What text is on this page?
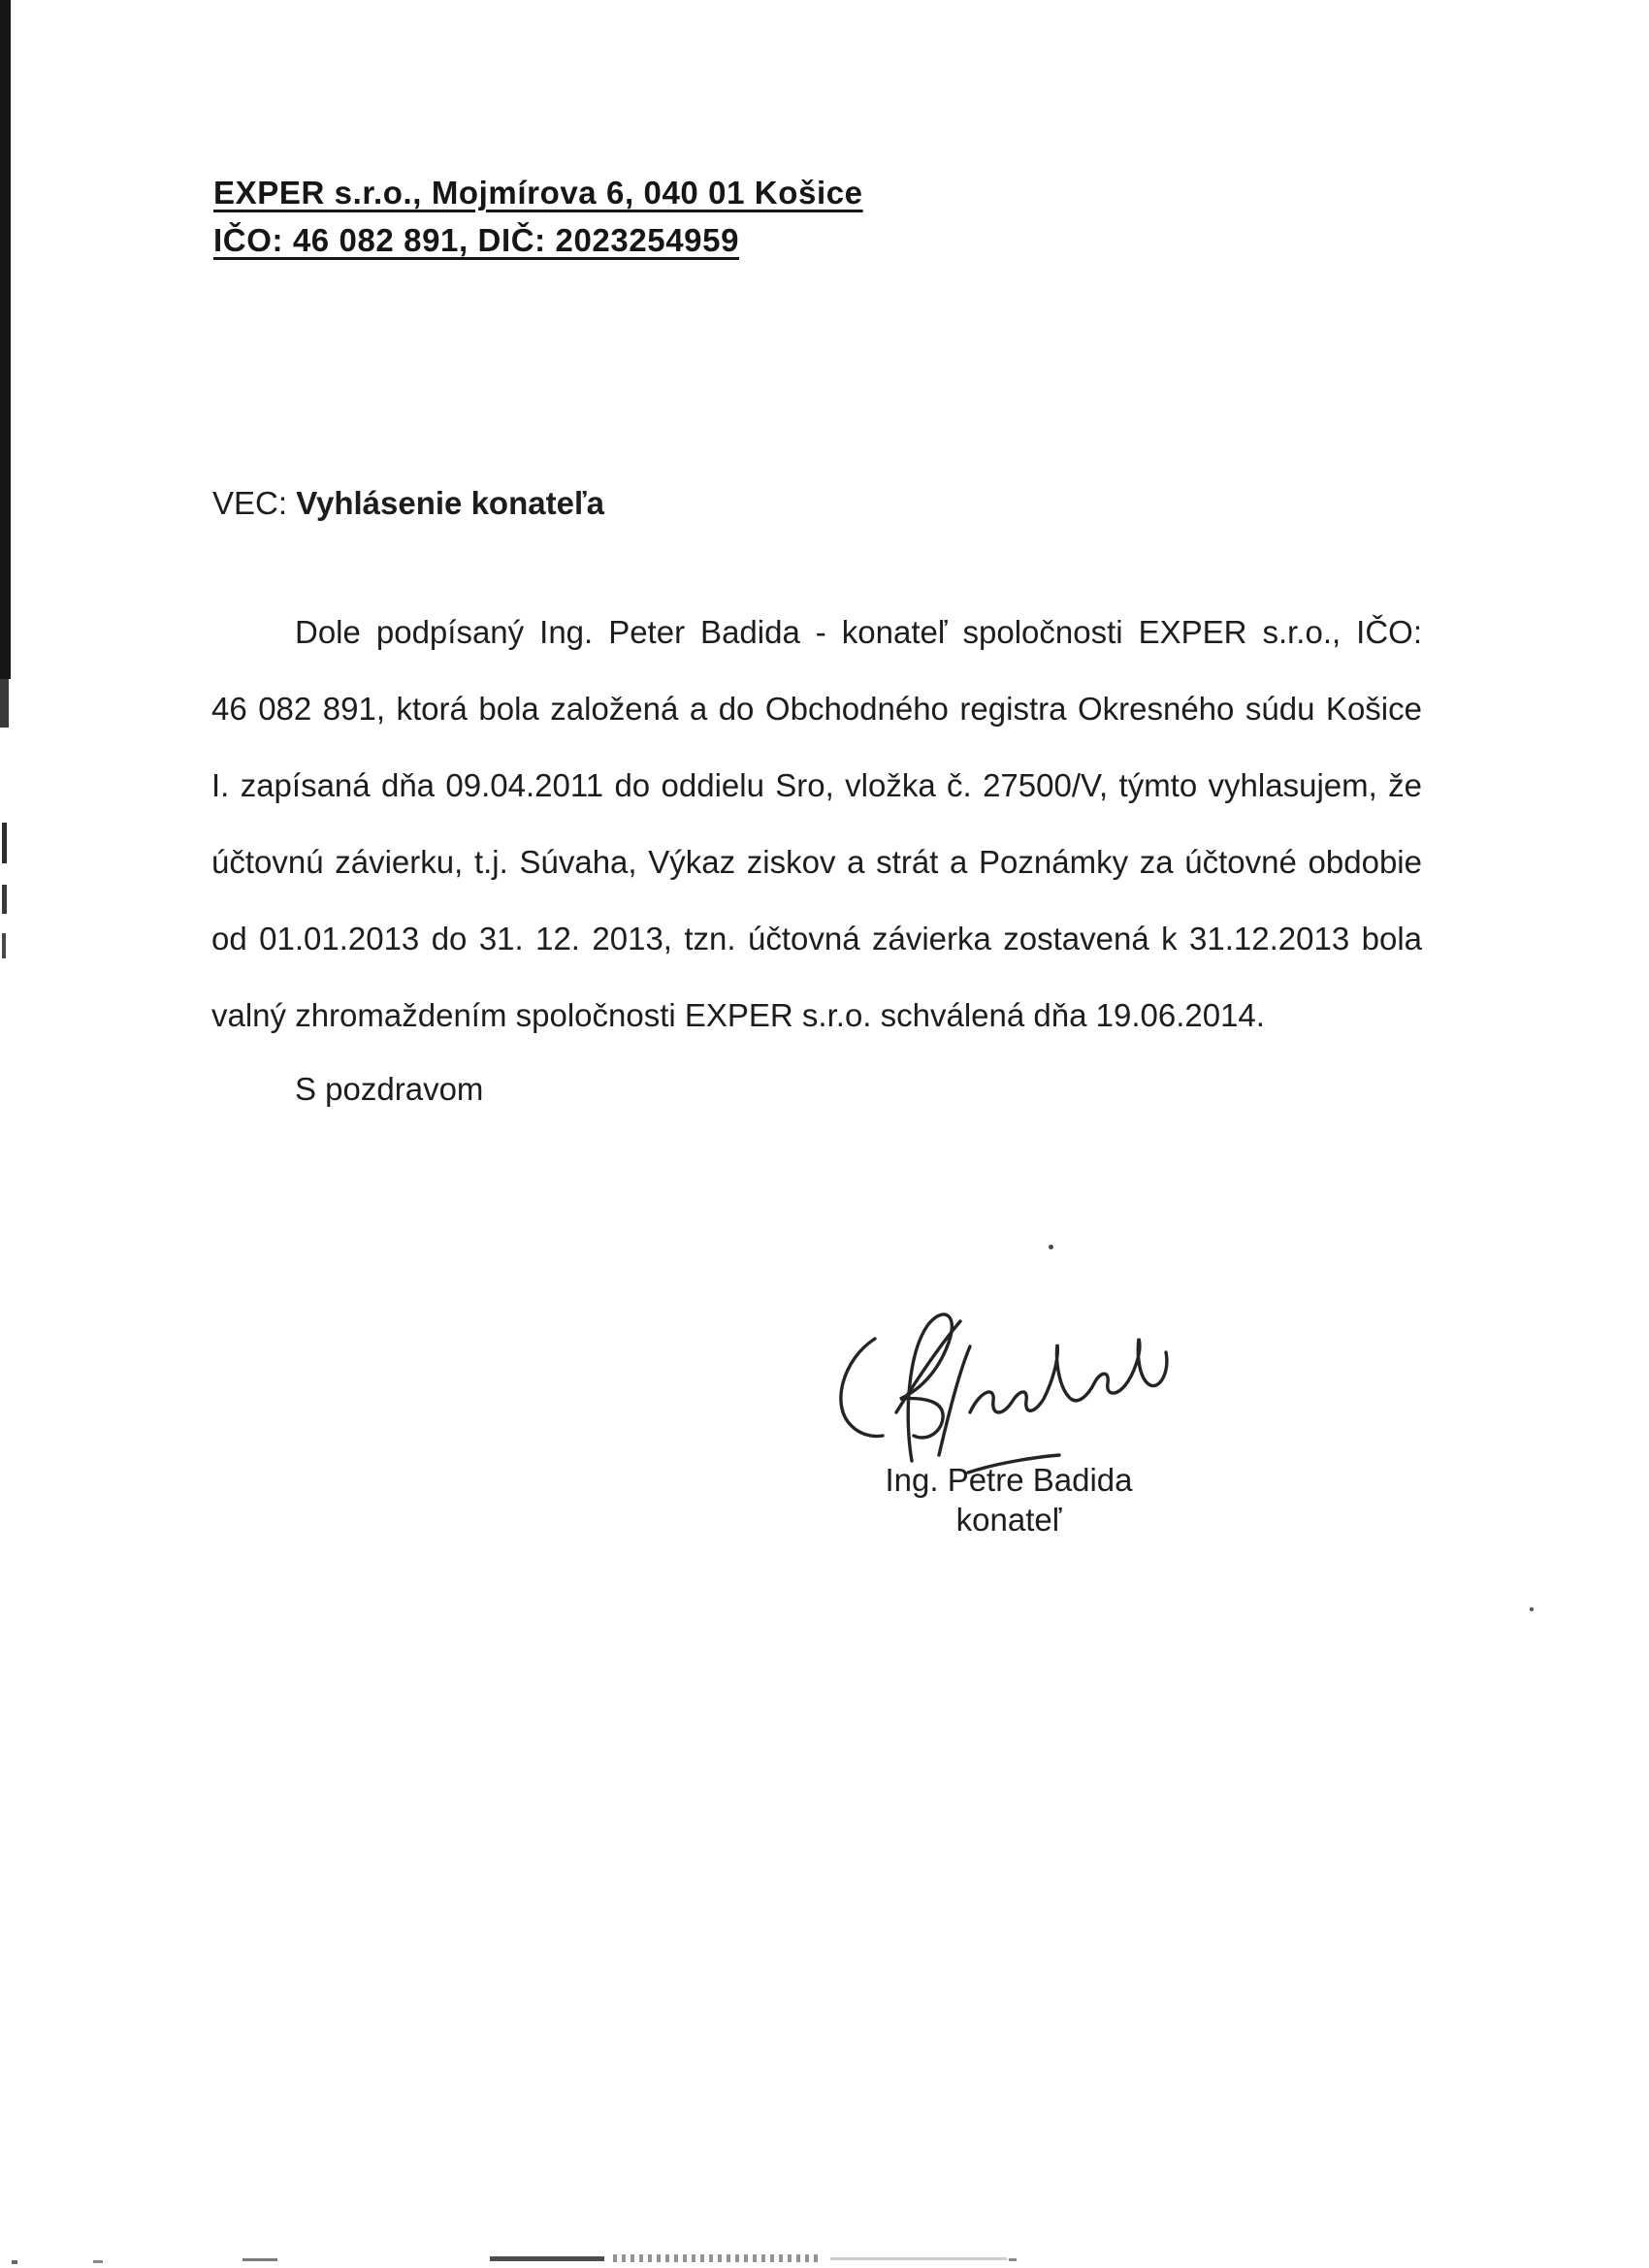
EXPER s.r.o., Mojmírova 6, 040 01 Košice
IČO: 46 082 891, DIČ: 2023254959
VEC: Vyhlásenie konateľa
Dole podpísaný Ing. Peter Badida - konateľ spoločnosti EXPER s.r.o., IČO:
46 082 891, ktorá bola založená a do Obchodného registra Okresného súdu Košice
I. zapísaná dňa 09.04.2011 do oddielu Sro, vložka č. 27500/V, týmto vyhlasujem, že
účtovnú závierku, t.j. Súvaha, Výkaz ziskov a strát a Poznámky za účtovné obdobie
od 01.01.2013 do 31. 12. 2013, tzn. účtovná závierka zostavená k 31.12.2013 bola
valný zhromaždením spoločnosti EXPER s.r.o. schválená dňa 19.06.2014.
S pozdravom
Ing. Petre Badida
konateľ
